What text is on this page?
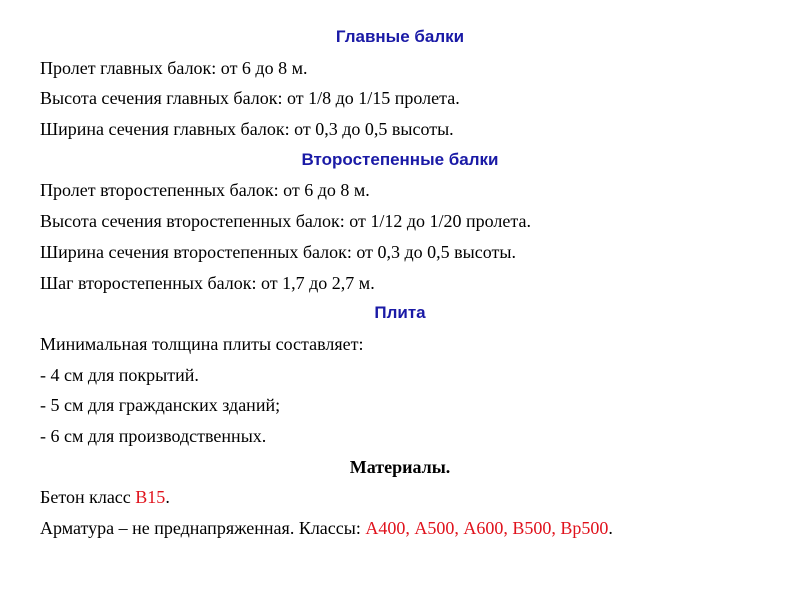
Главные балки
Пролет главных балок: от 6 до 8 м.
Высота сечения главных балок: от 1/8 до 1/15 пролета.
Ширина сечения главных балок: от 0,3 до 0,5 высоты.
Второстепенные балки
Пролет второстепенных балок: от 6 до 8 м.
Высота сечения второстепенных балок: от 1/12 до 1/20 пролета.
Ширина сечения второстепенных балок: от 0,3 до 0,5 высоты.
Шаг второстепенных балок: от 1,7 до 2,7 м.
Плита
Минимальная толщина плиты составляет:
- 4 см для покрытий.
- 5 см для гражданских зданий;
- 6 см для производственных.
Материалы.
Бетон класс В15.
Арматура – не преднапряженная. Классы: А400, А500, А600, В500, Вр500.
